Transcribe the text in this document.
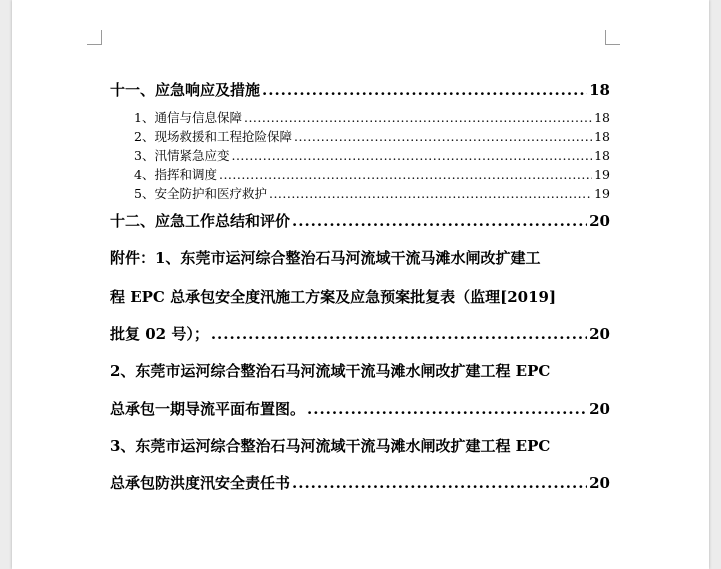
十一、应急响应及措施 .....	18
1、通信与信息保障 .....	18
2、现场救援和工程抢险保障 .....	18
3、汛情紧急应变 .....	18
4、指挥和调度 .....	19
5、安全防护和医疗救护 .....	19
十二、应急工作总结和评价 .....	20
附件：1、东莞市运河综合整治石马河流域干流马滩水闸改扩建工
程 EPC 总承包安全度汛施工方案及应急预案批复表（监理[2019]
批复 02 号）； .....	20
2、东莞市运河综合整治石马河流域干流马滩水闸改扩建工程 EPC
总承包一期导流平面布置图。 .....	20
3、东莞市运河综合整治石马河流域干流马滩水闸改扩建工程 EPC
总承包防洪度汛安全责任书 .....	20
